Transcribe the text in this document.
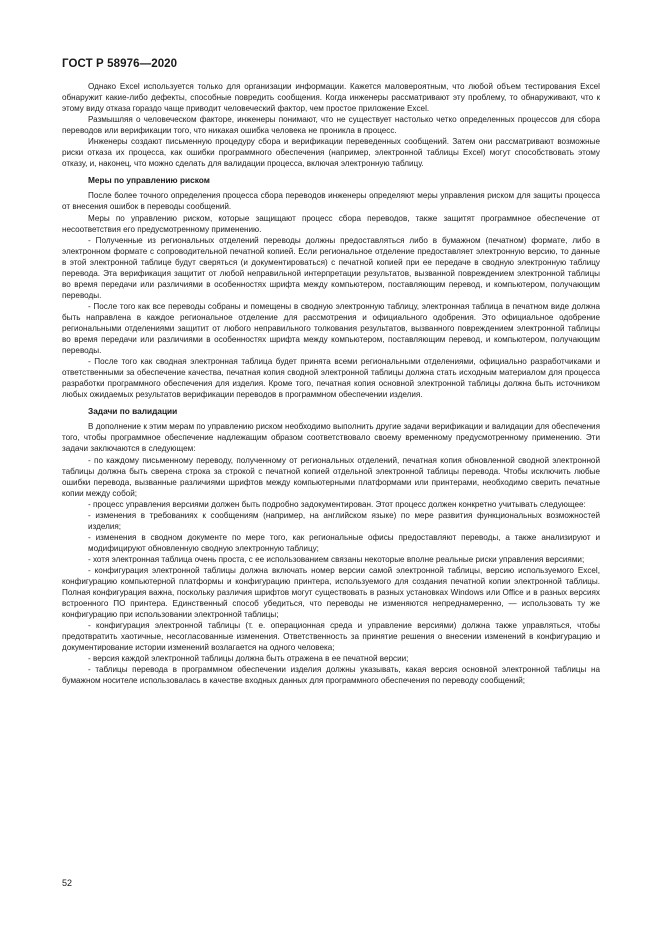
ГОСТ Р 58976—2020

Однако Excel используется только для организации информации. Кажется маловероятным, что любой объем тестирования Excel обнаружит какие-либо дефекты, способные повредить сообщения. Когда инженеры рассматривают эту проблему, то обнаруживают, что к этому виду отказа гораздо чаще приводит человеческий фактор, чем простое приложение Excel.

Размышляя о человеческом факторе, инженеры понимают, что не существует настолько четко определенных процессов для сбора переводов или верификации того, что никакая ошибка человека не проникла в процесс.

Инженеры создают письменную процедуру сбора и верификации переведенных сообщений. Затем они рассматривают возможные риски отказа их процесса, как ошибки программного обеспечения (например, электронной таблицы Excel) могут способствовать этому отказу, и, наконец, что можно сделать для валидации процесса, включая электронную таблицу.

Меры по управлению риском

После более точного определения процесса сбора переводов инженеры определяют меры управления риском для защиты процесса от внесения ошибок в переводы сообщений.

Меры по управлению риском, которые защищают процесс сбора переводов, также защитят программное обеспечение от несоответствия его предусмотренному применению.

- Полученные из региональных отделений переводы должны предоставляться либо в бумажном (печатном) формате, либо в электронном формате с сопроводительной печатной копией. Если региональное отделение предоставляет электронную версию, то данные в этой электронной таблице будут сверяться (и документироваться) с печатной копией при ее передаче в сводную электронную таблицу перевода. Эта верификация защитит от любой неправильной интерпретации результатов, вызванной повреждением электронной таблицы во время передачи или различиями в особенностях шрифта между компьютером, поставляющим перевод, и компьютером, получающим переводы.

- После того как все переводы собраны и помещены в сводную электронную таблицу, электронная таблица в печатном виде должна быть направлена в каждое региональное отделение для рассмотрения и официального одобрения. Это официальное одобрение региональными отделениями защитит от любого неправильного толкования результатов, вызванного повреждением электронной таблицы во время передачи или различиями в особенностях шрифта между компьютером, поставляющим перевод, и компьютером, получающим переводы.

- После того как сводная электронная таблица будет принята всеми региональными отделениями, официально разработчиками и ответственными за обеспечение качества, печатная копия сводной электронной таблицы должна стать исходным материалом для процесса разработки программного обеспечения для изделия. Кроме того, печатная копия основной электронной таблицы должна быть источником любых ожидаемых результатов верификации переводов в программном обеспечении изделия.

Задачи по валидации

В дополнение к этим мерам по управлению риском необходимо выполнить другие задачи верификации и валидации для обеспечения того, чтобы программное обеспечение надлежащим образом соответствовало своему временному предусмотренному применению. Эти задачи заключаются в следующем:

- по каждому письменному переводу, полученному от региональных отделений, печатная копия обновленной сводной электронной таблицы должна быть сверена строка за строкой с печатной копией отдельной электронной таблицы перевода. Чтобы исключить любые ошибки перевода, вызванные различиями шрифтов между компьютерными платформами или принтерами, необходимо сверить печатные копии между собой;

- процесс управления версиями должен быть подробно задокументирован. Этот процесс должен конкретно учитывать следующее:

- изменения в требованиях к сообщениям (например, на английском языке) по мере развития функциональных возможностей изделия;

- изменения в сводном документе по мере того, как региональные офисы предоставляют переводы, а также анализируют и модифицируют обновленную сводную электронную таблицу;

- хотя электронная таблица очень проста, с ее использованием связаны некоторые вполне реальные риски управления версиями;

- конфигурация электронной таблицы должна включать номер версии самой электронной таблицы, версию используемого Excel, конфигурацию компьютерной платформы и конфигурацию принтера, используемого для создания печатной копии электронной таблицы. Полная конфигурация важна, поскольку различия шрифтов могут существовать в разных установках Windows или Office и в разных версиях встроенного ПО принтера. Единственный способ убедиться, что переводы не изменяются непреднамеренно, — использовать ту же конфигурацию при использовании электронной таблицы;

- конфигурация электронной таблицы (т. е. операционная среда и управление версиями) должна также управляться, чтобы предотвратить хаотичные, несогласованные изменения. Ответственность за принятие решения о внесении изменений в конфигурацию и документирование истории изменений возлагается на одного человека;

- версия каждой электронной таблицы должна быть отражена в ее печатной версии;

- таблицы перевода в программном обеспечении изделия должны указывать, какая версия основной электронной таблицы на бумажном носителе использовалась в качестве входных данных для программного обеспечения по переводу сообщений;

52
